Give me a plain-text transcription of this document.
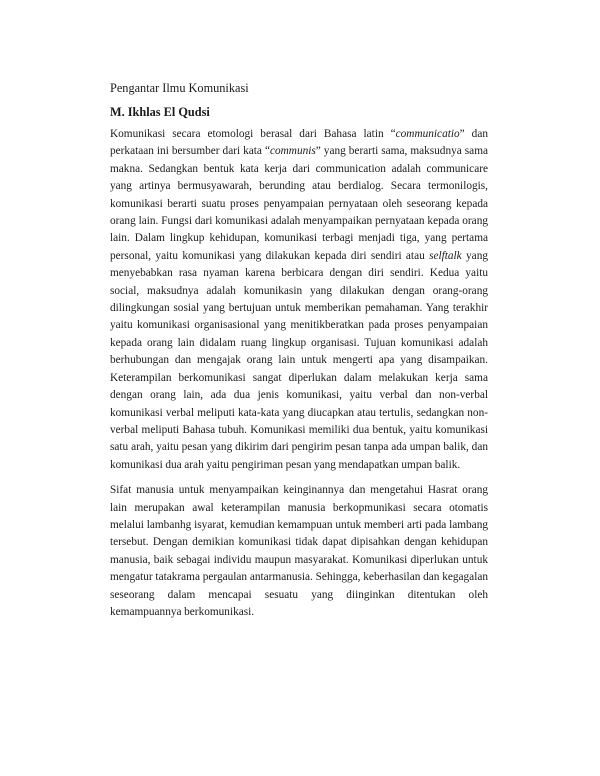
Pengantar Ilmu Komunikasi
M. Ikhlas El Qudsi

Komunikasi secara etomologi berasal dari Bahasa latin “communicatio” dan perkataan ini bersumber dari kata “communis” yang berarti sama, maksudnya sama makna. Sedangkan bentuk kata kerja dari communication adalah communicare yang artinya bermusyawarah, berunding atau berdialog. Secara termonilogis, komunikasi berarti suatu proses penyampaian pernyataan oleh seseorang kepada orang lain. Fungsi dari komunikasi adalah menyampaikan pernyataan kepada orang lain. Dalam lingkup kehidupan, komunikasi terbagi menjadi tiga, yang pertama personal, yaitu komunikasi yang dilakukan kepada diri sendiri atau selftalk yang menyebabkan rasa nyaman karena berbicara dengan diri sendiri. Kedua yaitu social, maksudnya adalah komunikasin yang dilakukan dengan orang-orang dilingkungan sosial yang bertujuan untuk memberikan pemahaman. Yang terakhir yaitu komunikasi organisasional yang menitikberatkan pada proses penyampaian kepada orang lain didalam ruang lingkup organisasi. Tujuan komunikasi adalah berhubungan dan mengajak orang lain untuk mengerti apa yang disampaikan. Keterampilan berkomunikasi sangat diperlukan dalam melakukan kerja sama dengan orang lain, ada dua jenis komunikasi, yaitu verbal dan non-verbal komunikasi verbal meliputi kata-kata yang diucapkan atau tertulis, sedangkan non-verbal meliputi Bahasa tubuh. Komunikasi memiliki dua bentuk, yaitu komunikasi satu arah, yaitu pesan yang dikirim dari pengirim pesan tanpa ada umpan balik, dan komunikasi dua arah yaitu pengiriman pesan yang mendapatkan umpan balik.

Sifat manusia untuk menyampaikan keinginannya dan mengetahui Hasrat orang lain merupakan awal keterampilan manusia berkopmunikasi secara otomatis melalui lambanhg isyarat, kemudian kemampuan untuk memberi arti pada lambang tersebut. Dengan demikian komunikasi tidak dapat dipisahkan dengan kehidupan manusia, baik sebagai individu maupun masyarakat. Komunikasi diperlukan untuk mengatur tatakrama pergaulan antarmanusia. Sehingga, keberhasilan dan kegagalan seseorang dalam mencapai sesuatu yang diinginkan ditentukan oleh kemampuannya berkomunikasi.
